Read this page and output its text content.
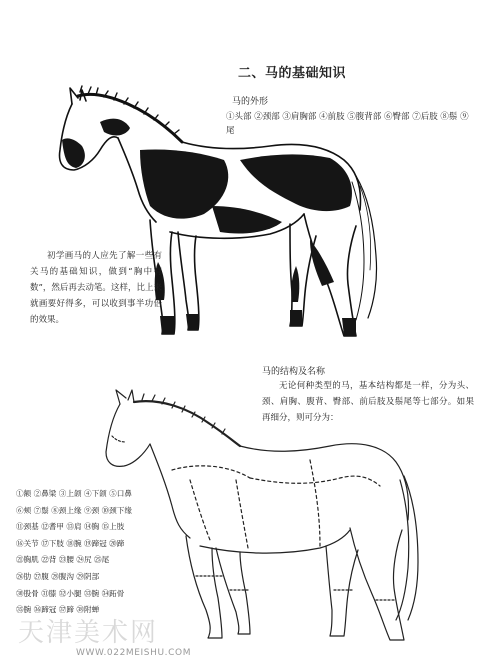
二、马的基础知识
马的外形
①头部 ②颈部 ③肩胸部 ④前肢 ⑤腹背部 ⑥臀部 ⑦后肢 ⑧鬃 ⑨尾
初学画马的人应先了解一些有关马的基础知识，做到“胸中有数”，然后再去动笔。这样，比上来就画要好得多，可以收到事半功倍的效果。
马的结构及名称
无论何种类型的马，基本结构都是一样，分为头、颈、肩胸、腹背、臀部、前后肢及鬃尾等七部分。如果再细分，则可分为：
①额 ②鼻梁 ③上颌 ④下颌 ⑤口鼻
⑥颊 ⑦鬃 ⑧颈上缘 ⑨颈 ⑩颈下缘
⑪颈基 ⑫耆甲 ⑬肩 ⑭胸 ⑮上肢
⑯关节 ⑰下肢 ⑱腕 ⑲蹄冠 ⑳蹄
㉑胸肌 ㉒背 ㉓腰 ㉔尻 ㉕尾
㉖肋 ㉗腹 ㉘腹沟 ㉙阴部
㉚股骨 ㉛膝 ㉜小腿 ㉝腕 ㉞跖骨
㉟腕 ㊱蹄冠 ㊲蹄 ㊳附蝉
天津美术网
WWW.022MEISHU.COM
